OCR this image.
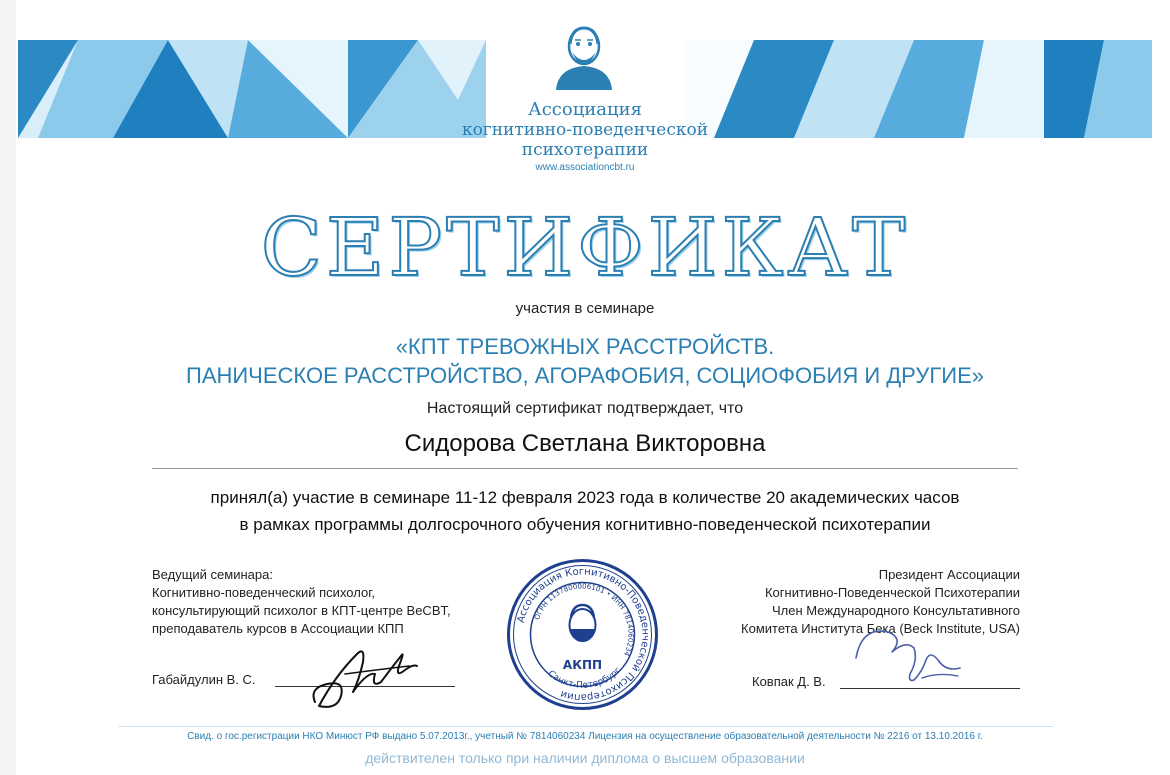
Ассоциация
когнитивно-поведенческой
психотерапии
www.associationcbt.ru
СЕРТИФИКАТ
участия в семинаре
«КПТ ТРЕВОЖНЫХ РАССТРОЙСТВ.
ПАНИЧЕСКОЕ РАССТРОЙСТВО, АГОРАФОБИЯ, СОЦИОФОБИЯ И ДРУГИЕ»
Настоящий сертификат подтверждает, что
Сидорова Светлана Викторовна
принял(а) участие в семинаре 11-12 февраля 2023 года в количестве 20 академических часов
в рамках программы долгосрочного обучения когнитивно-поведенческой психотерапии
Ведущий семинара:
Когнитивно-поведенческий психолог,
консультирующий психолог в КПТ-центре BeCBT,
преподаватель курсов в Ассоциации КПП
Габайдулин В. С.
Ассоциация Когнитивно-Поведенческой Психотерапии
ОГРН 1137800006101 • ИНН 7814060234
Санкт-Петербург
АКПП
Президент Ассоциации
Когнитивно-Поведенческой Психотерапии
Член Международного Консультативного
Комитета Института Бека (Beck Institute, USA)
Ковпак Д. В.
Свид. о гос.регистрации НКО Минюст РФ выдано 5.07.2013г., учетный № 7814060234 Лицензия на осуществление образовательной деятельности № 2216 от 13.10.2016 г.
действителен только при наличии диплома о высшем образовании
